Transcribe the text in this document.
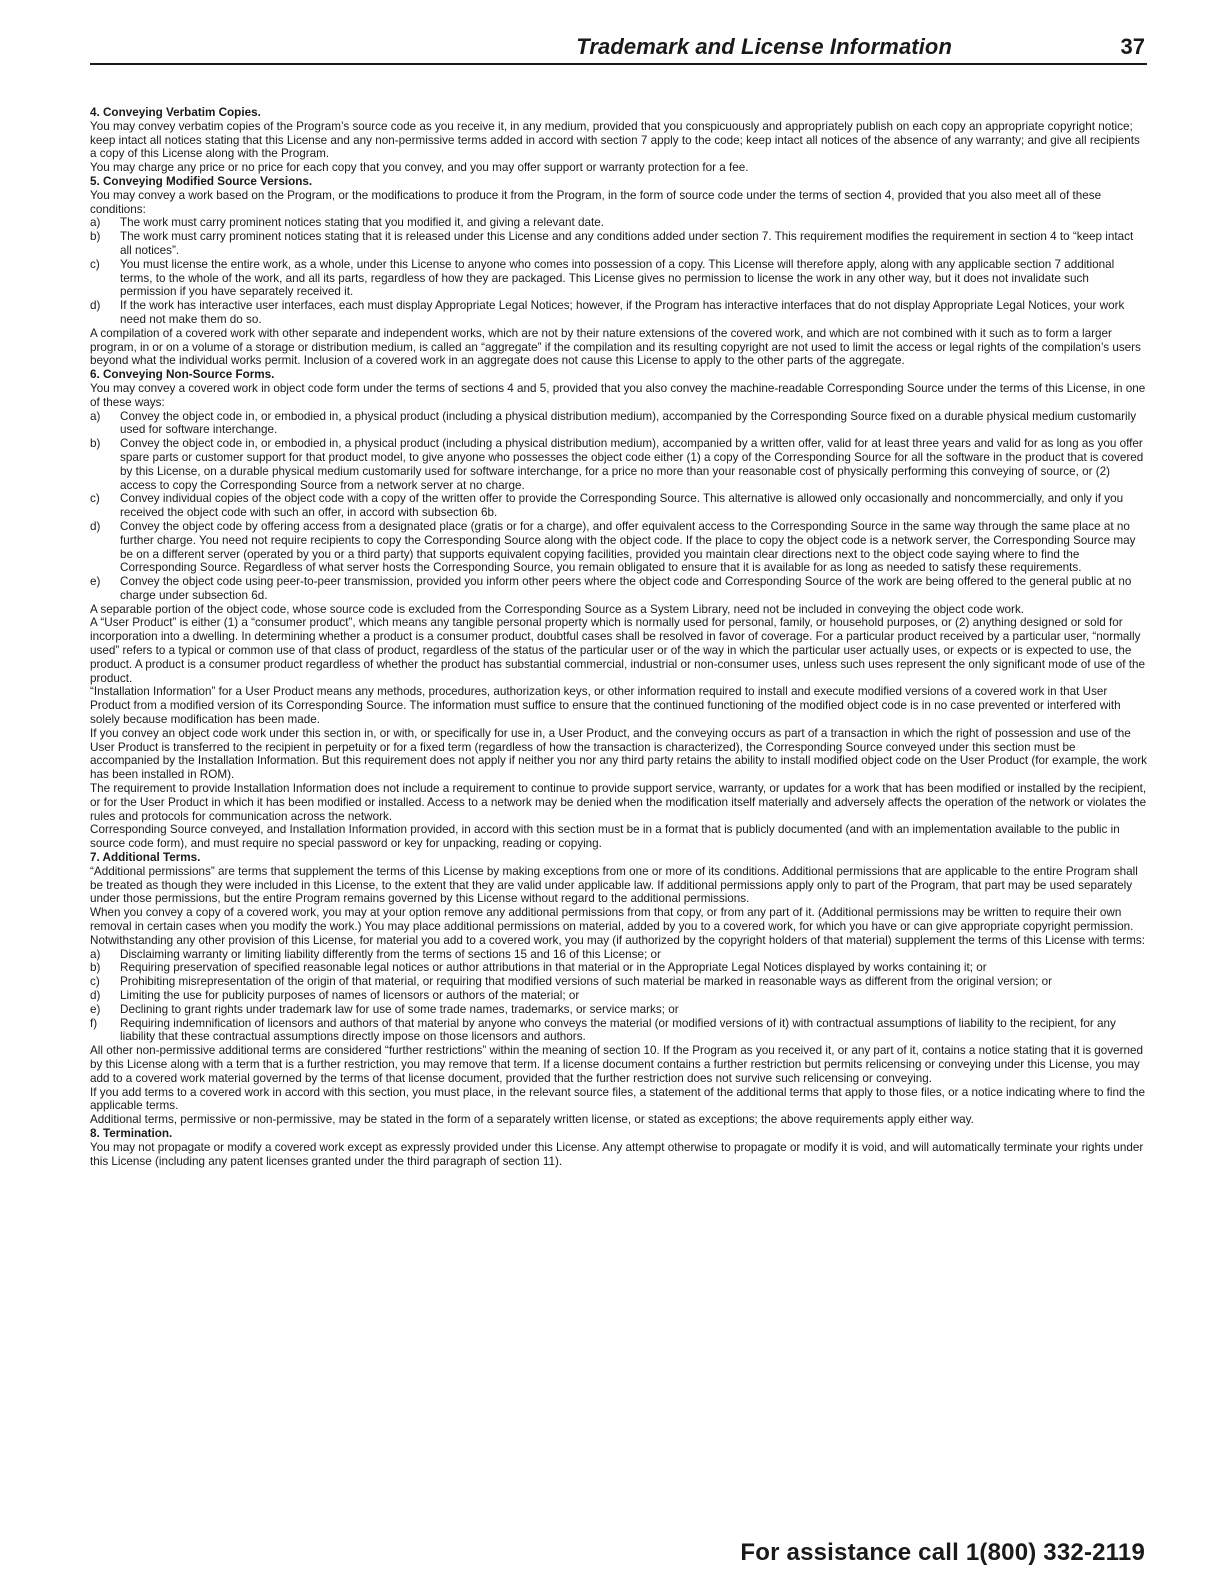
Trademark and License Information	37

4. Conveying Verbatim Copies.

You may convey verbatim copies of the Program’s source code as you receive it, in any medium, provided that you conspicuously and appropriately publish on each copy an appropriate copyright notice; keep intact all notices stating that this License and any non-permissive terms added in accord with section 7 apply to the code; keep intact all notices of the absence of any warranty; and give all recipients a copy of this License along with the Program.

You may charge any price or no price for each copy that you convey, and you may offer support or warranty protection for a fee.

5. Conveying Modified Source Versions.

You may convey a work based on the Program, or the modifications to produce it from the Program, in the form of source code under the terms of section 4, provided that you also meet all of these conditions:

a) The work must carry prominent notices stating that you modified it, and giving a relevant date.

b) The work must carry prominent notices stating that it is released under this License and any conditions added under section 7. This requirement modifies the requirement in section 4 to “keep intact all notices”.

c) You must license the entire work, as a whole, under this License to anyone who comes into possession of a copy. This License will therefore apply, along with any applicable section 7 additional terms, to the whole of the work, and all its parts, regardless of how they are packaged. This License gives no permission to license the work in any other way, but it does not invalidate such permission if you have separately received it.

d) If the work has interactive user interfaces, each must display Appropriate Legal Notices; however, if the Program has interactive interfaces that do not display Appropriate Legal Notices, your work need not make them do so.

A compilation of a covered work with other separate and independent works, which are not by their nature extensions of the covered work, and which are not combined with it such as to form a larger program, in or on a volume of a storage or distribution medium, is called an “aggregate” if the compilation and its resulting copyright are not used to limit the access or legal rights of the compilation’s users beyond what the individual works permit. Inclusion of a covered work in an aggregate does not cause this License to apply to the other parts of the aggregate.

6. Conveying Non-Source Forms.

You may convey a covered work in object code form under the terms of sections 4 and 5, provided that you also convey the machine-readable Corresponding Source under the terms of this License, in one of these ways:

a) Convey the object code in, or embodied in, a physical product (including a physical distribution medium), accompanied by the Corresponding Source fixed on a durable physical medium customarily used for software interchange.

b) Convey the object code in, or embodied in, a physical product (including a physical distribution medium), accompanied by a written offer, valid for at least three years and valid for as long as you offer spare parts or customer support for that product model, to give anyone who possesses the object code either (1) a copy of the Corresponding Source for all the software in the product that is covered by this License, on a durable physical medium customarily used for software interchange, for a price no more than your reasonable cost of physically performing this conveying of source, or (2) access to copy the Corresponding Source from a network server at no charge.

c) Convey individual copies of the object code with a copy of the written offer to provide the Corresponding Source. This alternative is allowed only occasionally and noncommercially, and only if you received the object code with such an offer, in accord with subsection 6b.

d) Convey the object code by offering access from a designated place (gratis or for a charge), and offer equivalent access to the Corresponding Source in the same way through the same place at no further charge. You need not require recipients to copy the Corresponding Source along with the object code. If the place to copy the object code is a network server, the Corresponding Source may be on a different server (operated by you or a third party) that supports equivalent copying facilities, provided you maintain clear directions next to the object code saying where to find the Corresponding Source. Regardless of what server hosts the Corresponding Source, you remain obligated to ensure that it is available for as long as needed to satisfy these requirements.

e) Convey the object code using peer-to-peer transmission, provided you inform other peers where the object code and Corresponding Source of the work are being offered to the general public at no charge under subsection 6d.

A separable portion of the object code, whose source code is excluded from the Corresponding Source as a System Library, need not be included in conveying the object code work.

A “User Product” is either (1) a “consumer product”, which means any tangible personal property which is normally used for personal, family, or household purposes, or (2) anything designed or sold for incorporation into a dwelling. In determining whether a product is a consumer product, doubtful cases shall be resolved in favor of coverage. For a particular product received by a particular user, “normally used” refers to a typical or common use of that class of product, regardless of the status of the particular user or of the way in which the particular user actually uses, or expects or is expected to use, the product. A product is a consumer product regardless of whether the product has substantial commercial, industrial or non-consumer uses, unless such uses represent the only significant mode of use of the product.

“Installation Information” for a User Product means any methods, procedures, authorization keys, or other information required to install and execute modified versions of a covered work in that User Product from a modified version of its Corresponding Source. The information must suffice to ensure that the continued functioning of the modified object code is in no case prevented or interfered with solely because modification has been made.

If you convey an object code work under this section in, or with, or specifically for use in, a User Product, and the conveying occurs as part of a transaction in which the right of possession and use of the User Product is transferred to the recipient in perpetuity or for a fixed term (regardless of how the transaction is characterized), the Corresponding Source conveyed under this section must be accompanied by the Installation Information. But this requirement does not apply if neither you nor any third party retains the ability to install modified object code on the User Product (for example, the work has been installed in ROM).

The requirement to provide Installation Information does not include a requirement to continue to provide support service, warranty, or updates for a work that has been modified or installed by the recipient, or for the User Product in which it has been modified or installed. Access to a network may be denied when the modification itself materially and adversely affects the operation of the network or violates the rules and protocols for communication across the network.

Corresponding Source conveyed, and Installation Information provided, in accord with this section must be in a format that is publicly documented (and with an implementation available to the public in source code form), and must require no special password or key for unpacking, reading or copying.

7. Additional Terms.

“Additional permissions” are terms that supplement the terms of this License by making exceptions from one or more of its conditions. Additional permissions that are applicable to the entire Program shall be treated as though they were included in this License, to the extent that they are valid under applicable law. If additional permissions apply only to part of the Program, that part may be used separately under those permissions, but the entire Program remains governed by this License without regard to the additional permissions.

When you convey a copy of a covered work, you may at your option remove any additional permissions from that copy, or from any part of it. (Additional permissions may be written to require their own removal in certain cases when you modify the work.) You may place additional permissions on material, added by you to a covered work, for which you have or can give appropriate copyright permission.

Notwithstanding any other provision of this License, for material you add to a covered work, you may (if authorized by the copyright holders of that material) supplement the terms of this License with terms:

a) Disclaiming warranty or limiting liability differently from the terms of sections 15 and 16 of this License; or

b) Requiring preservation of specified reasonable legal notices or author attributions in that material or in the Appropriate Legal Notices displayed by works containing it; or

c) Prohibiting misrepresentation of the origin of that material, or requiring that modified versions of such material be marked in reasonable ways as different from the original version; or

d) Limiting the use for publicity purposes of names of licensors or authors of the material; or

e) Declining to grant rights under trademark law for use of some trade names, trademarks, or service marks; or

f) Requiring indemnification of licensors and authors of that material by anyone who conveys the material (or modified versions of it) with contractual assumptions of liability to the recipient, for any liability that these contractual assumptions directly impose on those licensors and authors.

All other non-permissive additional terms are considered “further restrictions” within the meaning of section 10. If the Program as you received it, or any part of it, contains a notice stating that it is governed by this License along with a term that is a further restriction, you may remove that term. If a license document contains a further restriction but permits relicensing or conveying under this License, you may add to a covered work material governed by the terms of that license document, provided that the further restriction does not survive such relicensing or conveying.

If you add terms to a covered work in accord with this section, you must place, in the relevant source files, a statement of the additional terms that apply to those files, or a notice indicating where to find the applicable terms.

Additional terms, permissive or non-permissive, may be stated in the form of a separately written license, or stated as exceptions; the above requirements apply either way.

8. Termination.

You may not propagate or modify a covered work except as expressly provided under this License. Any attempt otherwise to propagate or modify it is void, and will automatically terminate your rights under this License (including any patent licenses granted under the third paragraph of section 11).

For assistance call 1(800) 332-2119
